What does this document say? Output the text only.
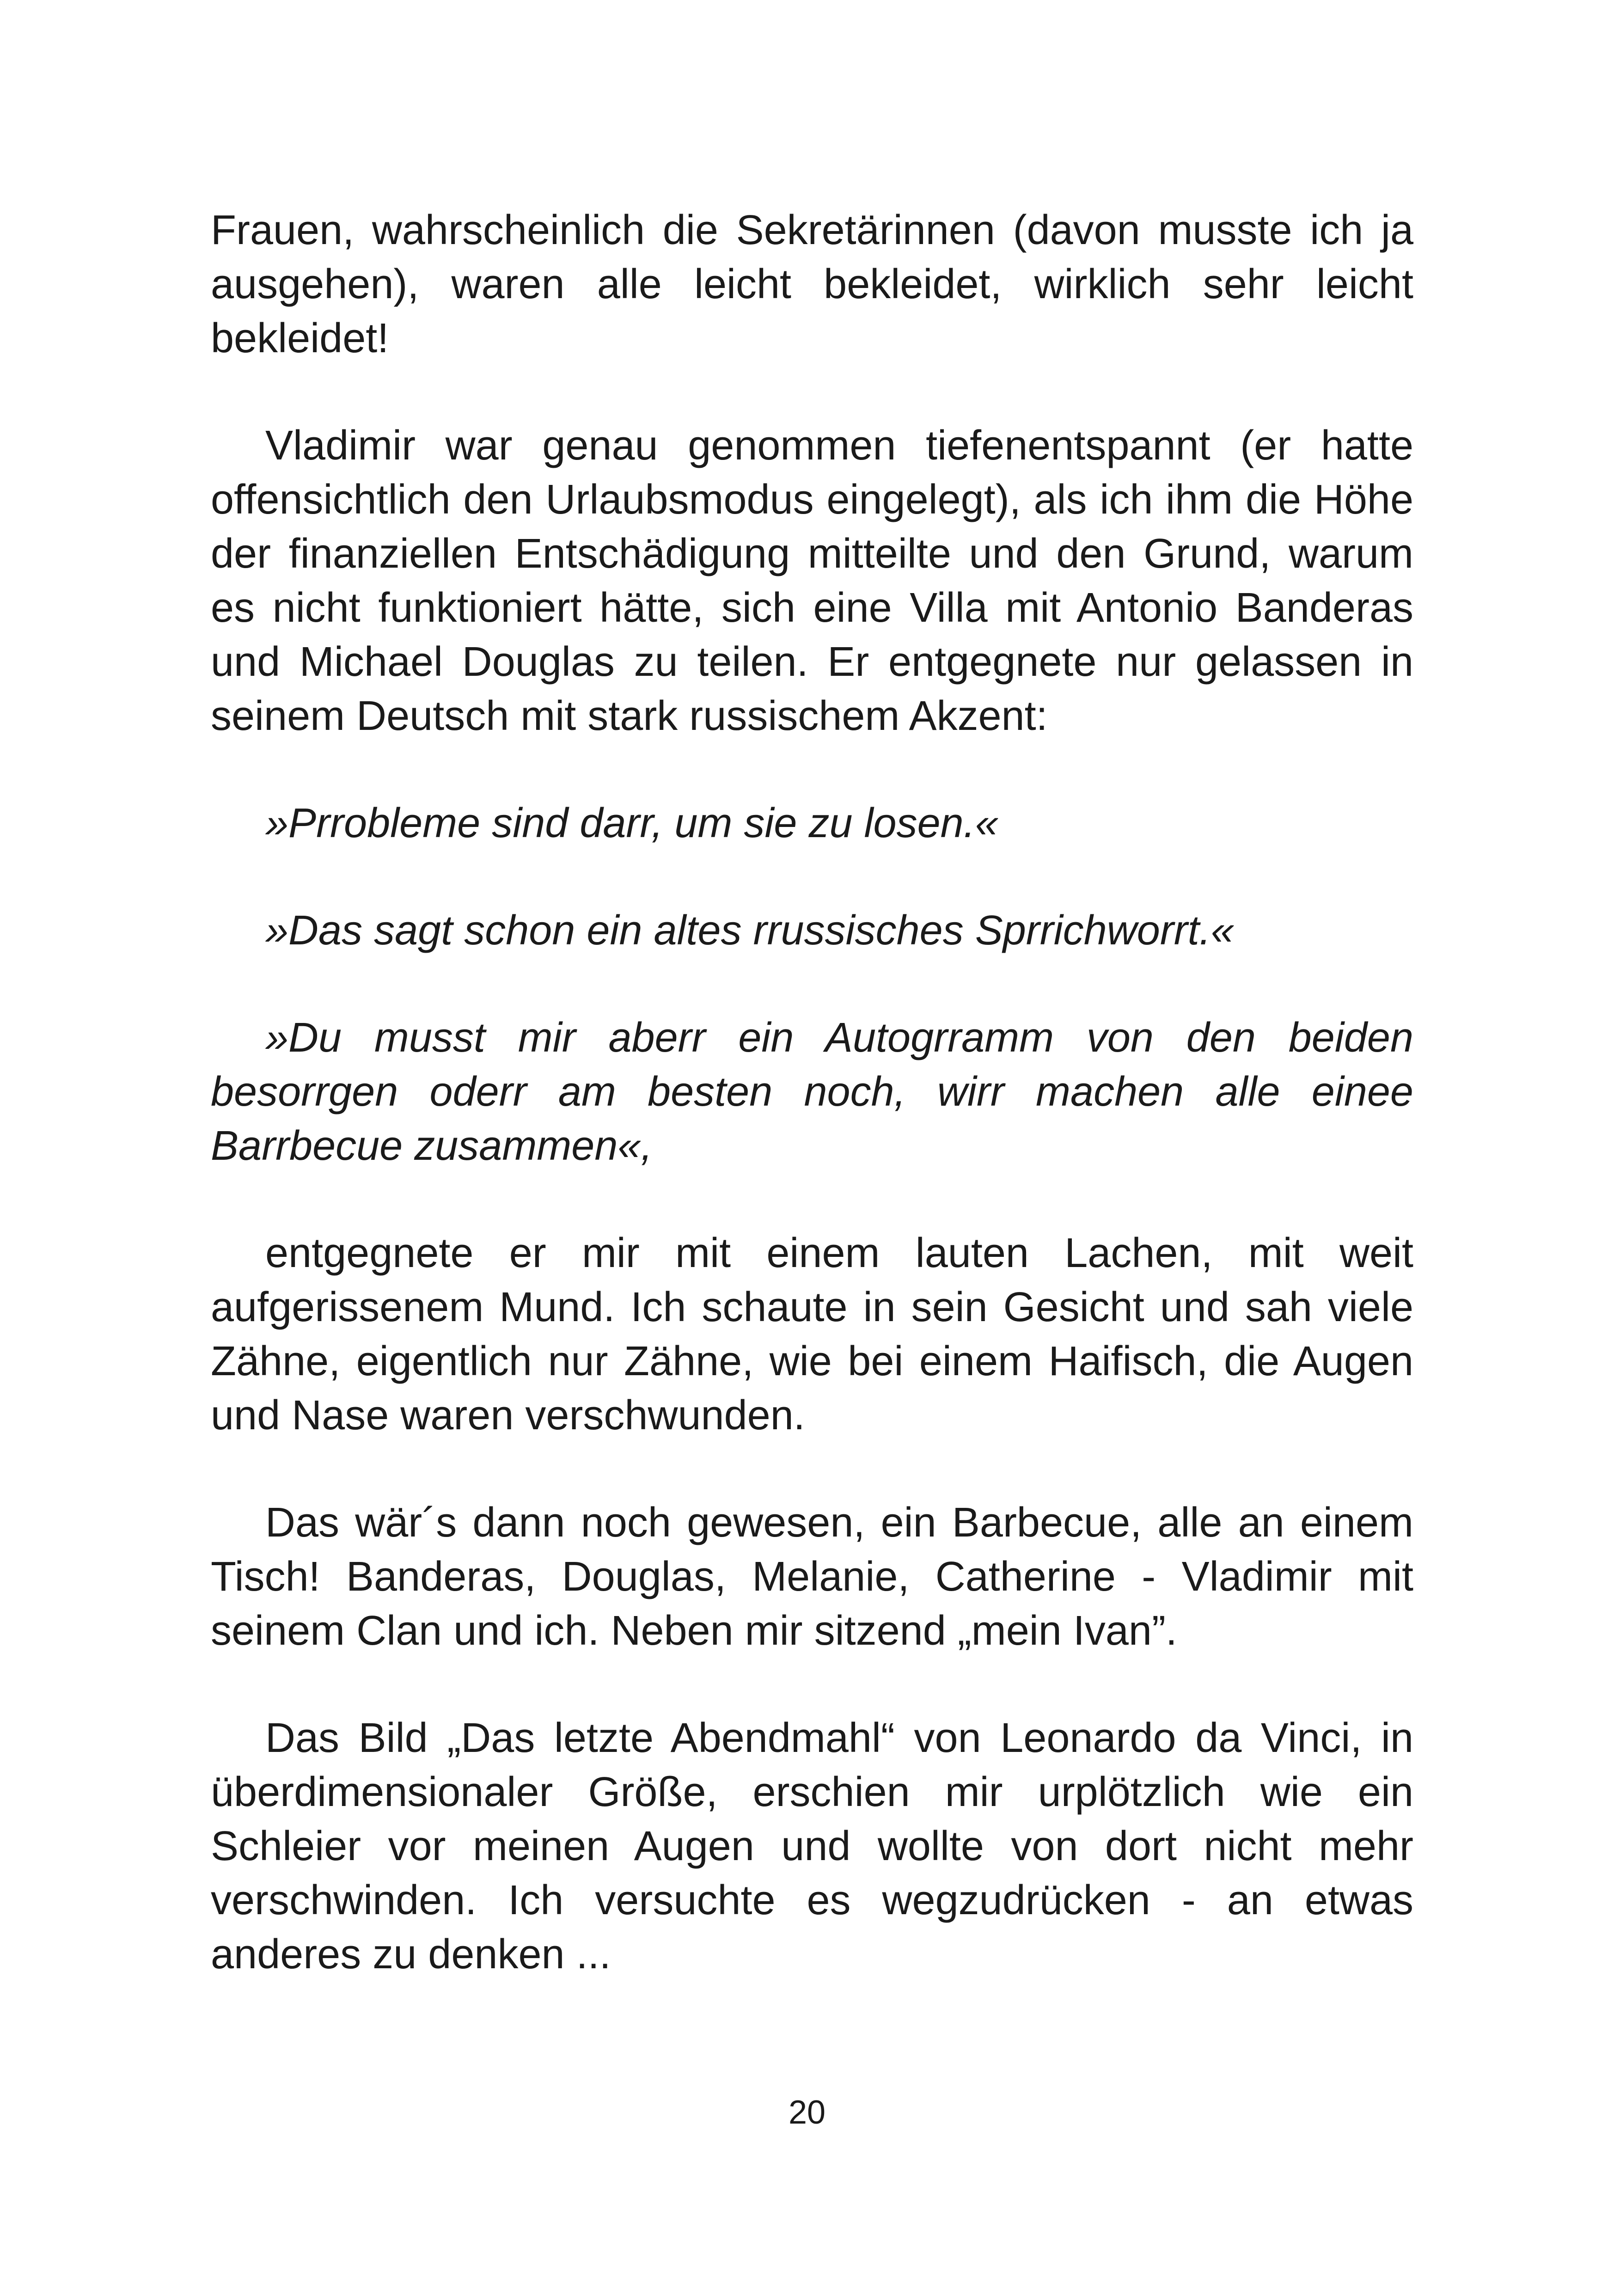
Frauen, wahrscheinlich die Sekretärinnen (davon musste ich ja ausgehen), waren alle leicht bekleidet, wirklich sehr leicht bekleidet!

Vladimir war genau genommen tiefenentspannt (er hatte offensichtlich den Urlaubsmodus eingelegt), als ich ihm die Höhe der finanziellen Entschädigung mitteilte und den Grund, warum es nicht funktioniert hätte, sich eine Villa mit Antonio Banderas und Michael Douglas zu teilen. Er entgegnete nur gelassen in seinem Deutsch mit stark russischem Akzent:

»Prrobleme sind darr, um sie zu losen.«

»Das sagt schon ein altes rrussisches Sprrichworrt.«

»Du musst mir aberr ein Autogrramm von den beiden besorrgen oderr am besten noch, wirr machen alle einee Barrbecue zusammen«,

entgegnete er mir mit einem lauten Lachen, mit weit aufgerissenem Mund. Ich schaute in sein Gesicht und sah viele Zähne, eigentlich nur Zähne, wie bei einem Haifisch, die Augen und Nase waren verschwunden.

Das wär´s dann noch gewesen, ein Barbecue, alle an einem Tisch! Banderas, Douglas, Melanie, Catherine - Vladimir mit seinem Clan und ich. Neben mir sitzend „mein Ivan”.

Das Bild „Das letzte Abendmahl“ von Leonardo da Vinci, in überdimensionaler Größe, erschien mir urplötzlich wie ein Schleier vor meinen Augen und wollte von dort nicht mehr verschwinden. Ich versuchte es wegzudrücken - an etwas anderes zu denken ...

20
